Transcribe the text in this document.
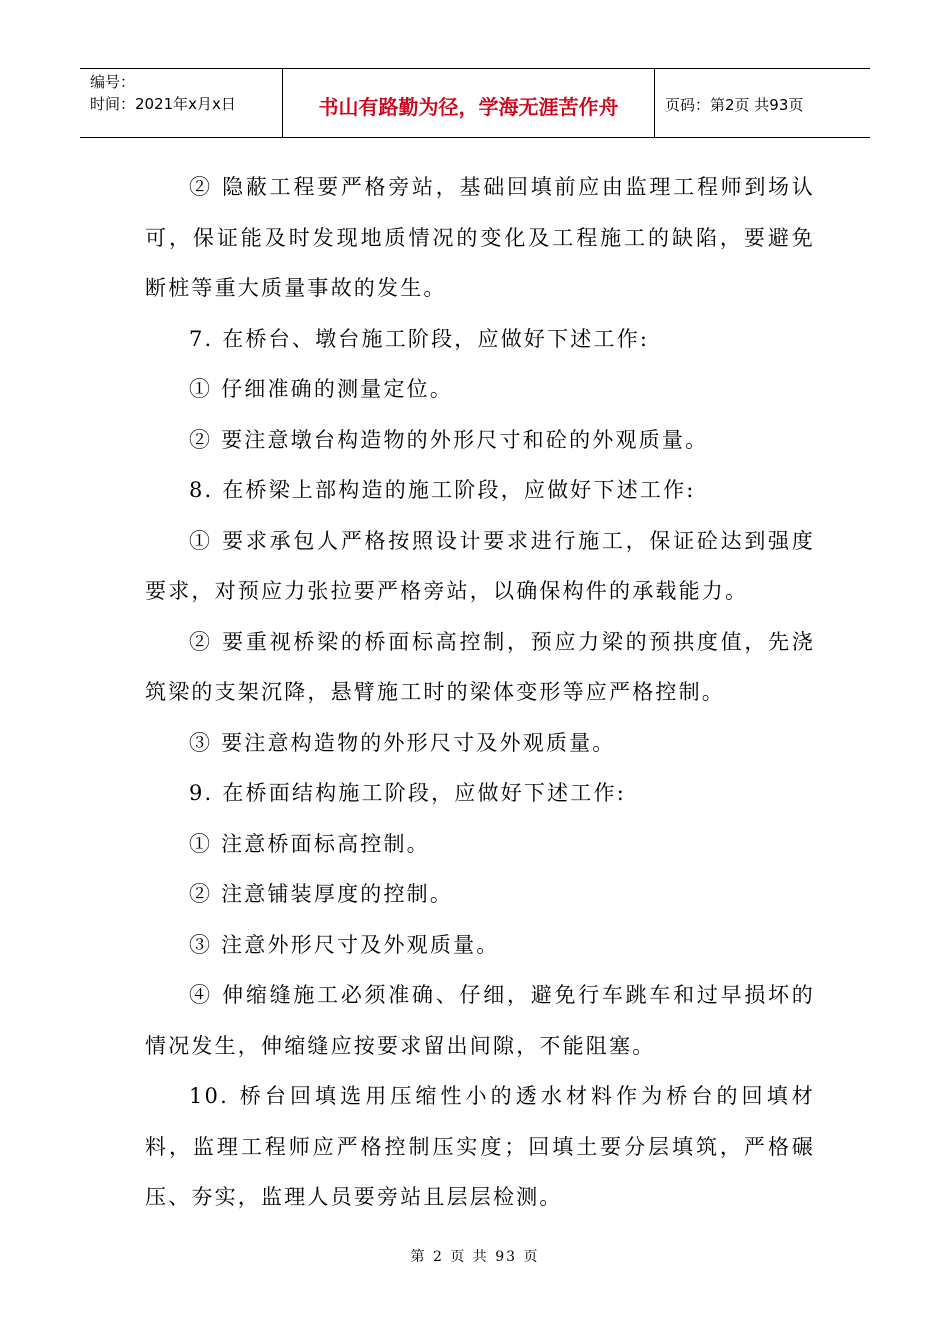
编号：
时间：2021年x月x日	书山有路勤为径，学海无涯苦作舟	页码：第2页 共93页

② 隐蔽工程要严格旁站，基础回填前应由监理工程师到场认可，保证能及时发现地质情况的变化及工程施工的缺陷，要避免断桩等重大质量事故的发生。

7. 在桥台、墩台施工阶段，应做好下述工作:

① 仔细准确的测量定位。

② 要注意墩台构造物的外形尺寸和砼的外观质量。

8. 在桥梁上部构造的施工阶段，应做好下述工作:

① 要求承包人严格按照设计要求进行施工，保证砼达到强度要求，对预应力张拉要严格旁站，以确保构件的承载能力。

② 要重视桥梁的桥面标高控制，预应力梁的预拱度值，先浇筑梁的支架沉降，悬臂施工时的梁体变形等应严格控制。

③ 要注意构造物的外形尺寸及外观质量。

9. 在桥面结构施工阶段，应做好下述工作:

① 注意桥面标高控制。

② 注意铺装厚度的控制。

③ 注意外形尺寸及外观质量。

④ 伸缩缝施工必须准确、仔细，避免行车跳车和过早损坏的情况发生，伸缩缝应按要求留出间隙，不能阻塞。

10. 桥台回填选用压缩性小的透水材料作为桥台的回填材料，监理工程师应严格控制压实度；回填土要分层填筑，严格碾压、夯实，监理人员要旁站且层层检测。

第 2 页 共 93 页
